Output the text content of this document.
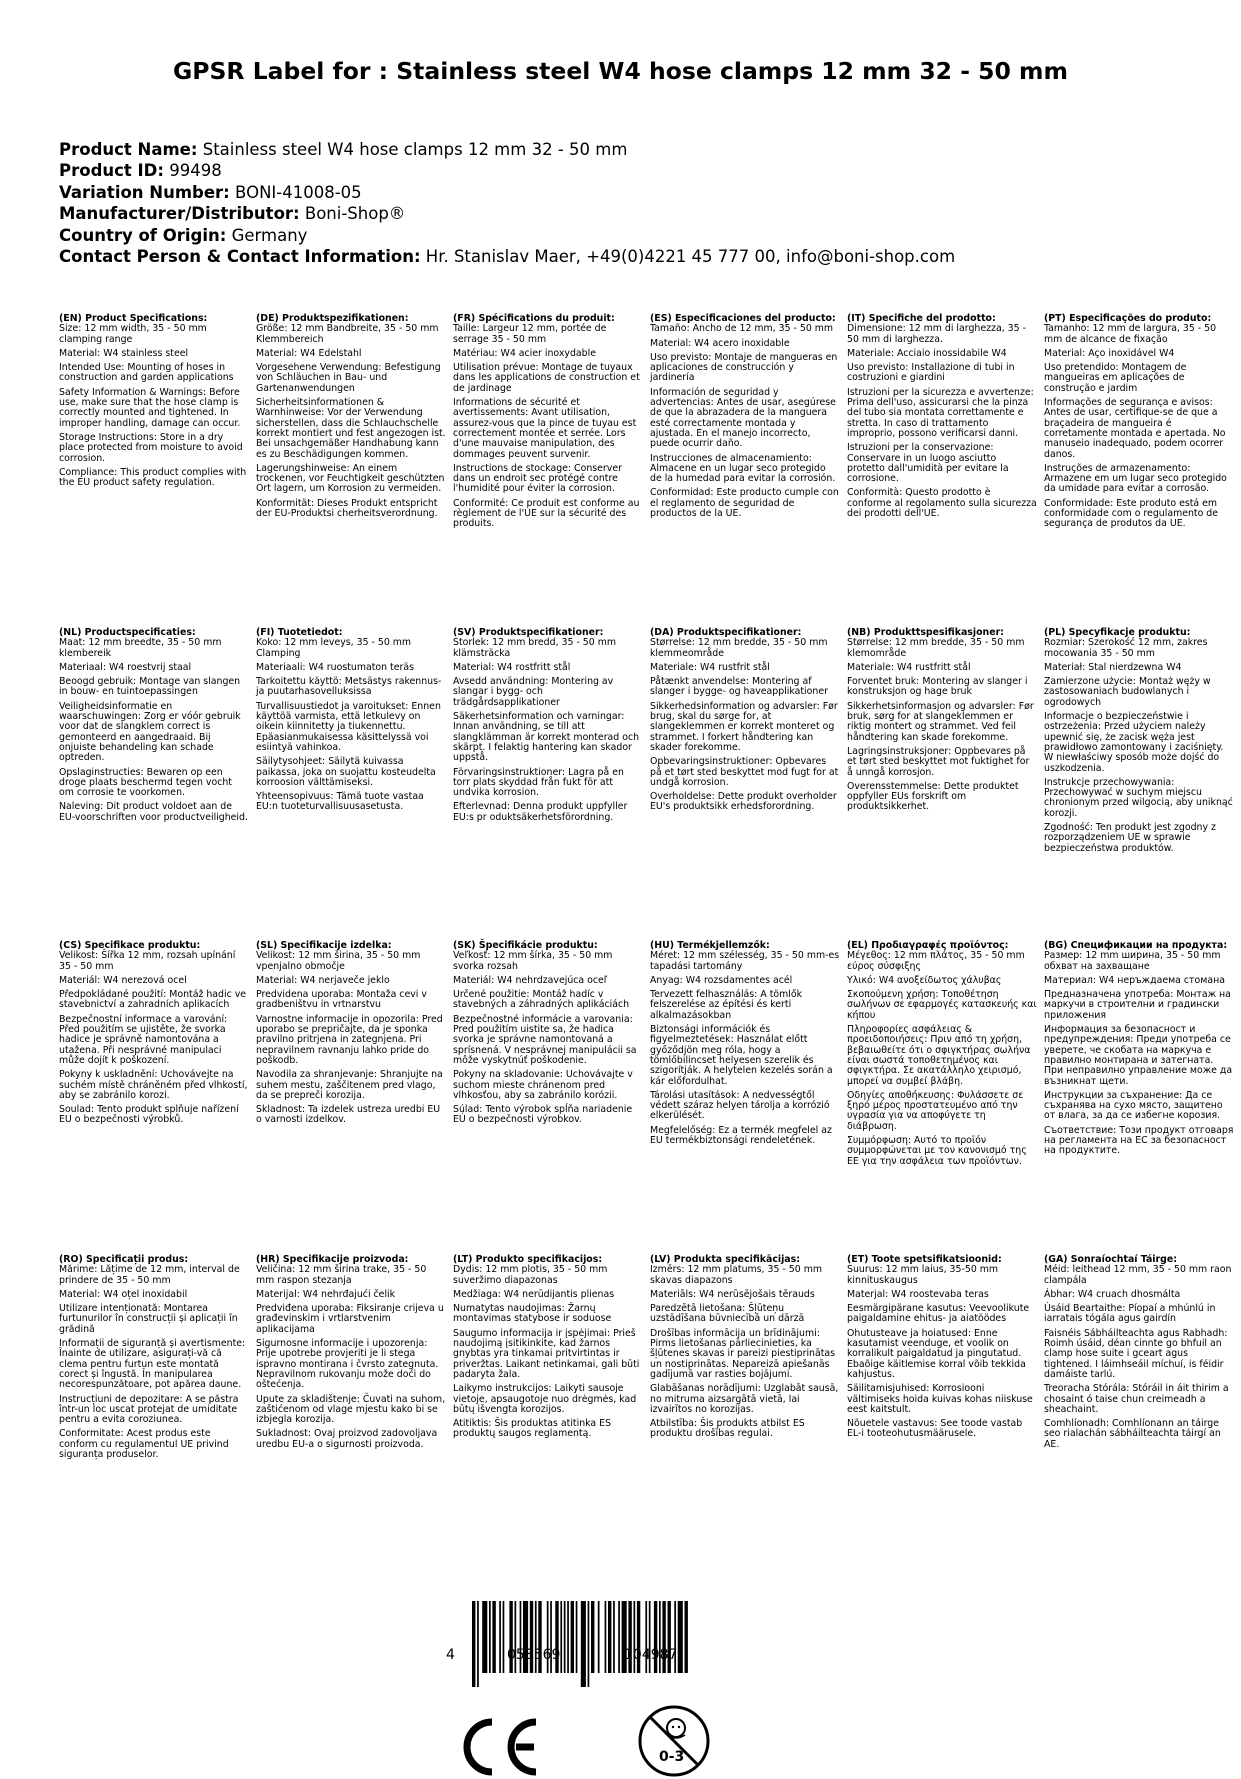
GPSR Label for : Stainless steel W4 hose clamps 12 mm 32 - 50 mm
Product Name: Stainless steel W4 hose clamps 12 mm 32 - 50 mm
Product ID: 99498
Variation Number: BONI-41008-05
Manufacturer/Distributor: Boni-Shop®
Country of Origin: Germany
Contact Person & Contact Information: Hr. Stanislav Maer, +49(0)4221 45 777 00, info@boni-shop.com
(EN) Product Specifications:
Size: 12 mm width, 35 - 50 mm clamping range
Material: W4 stainless steel
Intended Use: Mounting of hoses in construction and garden applications
Safety Information & Warnings: Before use, make sure that the hose clamp is correctly mounted and tightened. In improper handling, damage can occur.
Storage Instructions: Store in a dry place protected from moisture to avoid corrosion.
Compliance: This product complies with the EU product safety regulation.
(DE) Produktspezifikationen:
Größe: 12 mm Bandbreite, 35 - 50 mm Klemmbereich
Material: W4 Edelstahl
Vorgesehene Verwendung: Befestigung von Schläuchen in Bau- und Gartenanwendungen
Sicherheitsinformationen & Warnhinweise: Vor der Verwendung sicherstellen, dass die Schlauchschelle korrekt montiert und fest angezogen ist. Bei unsachgemäßer Handhabung kann es zu Beschädigungen kommen.
Lagerungshinweise: An einem trockenen, vor Feuchtigkeit geschützten Ort lagern, um Korrosion zu vermeiden.
Konformität: Dieses Produkt entspricht der EU-Produktsi cherheitsverordnung.
(FR) Spécifications du produit:
Taille: Largeur 12 mm, portée de serrage 35 - 50 mm
Matériau: W4 acier inoxydable
Utilisation prévue: Montage de tuyaux dans les applications de construction et de jardinage
Informations de sécurité et avertissements: Avant utilisation, assurez-vous que la pince de tuyau est correctement montée et serrée. Lors d'une mauvaise manipulation, des dommages peuvent survenir.
Instructions de stockage: Conserver dans un endroit sec protégé contre l'humidité pour éviter la corrosion.
Conformité: Ce produit est conforme au règlement de l'UE sur la sécurité des produits.
(ES) Especificaciones del producto:
Tamaño: Ancho de 12 mm, 35 - 50 mm
Material: W4 acero inoxidable
Uso previsto: Montaje de mangueras en aplicaciones de construcción y jardinería
Información de seguridad y advertencias: Antes de usar, asegúrese de que la abrazadera de la manguera esté correctamente montada y ajustada. En el manejo incorrecto, puede ocurrir daño.
Instrucciones de almacenamiento: Almacene en un lugar seco protegido de la humedad para evitar la corrosión.
Conformidad: Este producto cumple con el reglamento de seguridad de productos de la UE.
(IT) Specifiche del prodotto:
Dimensione: 12 mm di larghezza, 35 - 50 mm di larghezza.
Materiale: Acciaio inossidabile W4
Uso previsto: Installazione di tubi in costruzioni e giardini
Istruzioni per la sicurezza e avvertenze: Prima dell'uso, assicurarsi che la pinza del tubo sia montata correttamente e stretta. In caso di trattamento improprio, possono verificarsi danni.
Istruzioni per la conservazione: Conservare in un luogo asciutto protetto dall'umidità per evitare la corrosione.
Conformità: Questo prodotto è conforme al regolamento sulla sicurezza dei prodotti dell'UE.
(PT) Especificações do produto:
Tamanho: 12 mm de largura, 35 - 50 mm de alcance de fixação
Material: Aço inoxidável W4
Uso pretendido: Montagem de mangueiras em aplicações de construção e jardim
Informações de segurança e avisos: Antes de usar, certifique-se de que a braçadeira de mangueira é corretamente montada e apertada. No manuseio inadequado, podem ocorrer danos.
Instruções de armazenamento: Armazene em um lugar seco protegido da umidade para evitar a corrosão.
Conformidade: Este produto está em conformidade com o regulamento de segurança de produtos da UE.
(NL) Productspecificaties:
Maat: 12 mm breedte, 35 - 50 mm klembereik
Materiaal: W4 roestvrij staal
Beoogd gebruik: Montage van slangen in bouw- en tuintoepassingen
Veiligheidsinformatie en waarschuwingen: Zorg er vóór gebruik voor dat de slangklem correct is gemonteerd en aangedraaid. Bij onjuiste behandeling kan schade optreden.
Opslaginstructies: Bewaren op een droge plaats beschermd tegen vocht om corrosie te voorkomen.
Naleving: Dit product voldoet aan de EU-voorschriften voor productveiligheid.
(FI) Tuotetiedot:
Koko: 12 mm leveys, 35 - 50 mm Clamping
Materiaali: W4 ruostumaton teräs
Tarkoitettu käyttö: Metsästys rakennus- ja puutarhasovelluksissa
Turvallisuustiedot ja varoitukset: Ennen käyttöä varmista, että letkulevy on oikein kiinnitetty ja tiukennettu. Epäasianmukaisessa käsittelyssä voi esiintyä vahinkoa.
Säilytysohjeet: Säilytä kuivassa paikassa, joka on suojattu kosteudelta korroosion välttämiseksi.
Yhteensopivuus: Tämä tuote vastaa EU:n tuoteturvallisuusasetusta.
(SV) Produktspecifikationer:
Storlek: 12 mm bredd, 35 - 50 mm klämsträcka
Material: W4 rostfritt stål
Avsedd användning: Montering av slangar i bygg- och trädgårdsapplikationer
Säkerhetsinformation och varningar: Innan användning, se till att slangklämman är korrekt monterad och skärpt. I felaktig hantering kan skador uppstå.
Förvaringsinstruktioner: Lagra på en torr plats skyddad från fukt för att undvika korrosion.
Efterlevnad: Denna produkt uppfyller EU:s pr oduktsäkerhetsförordning.
(DA) Produktspecifikationer:
Størrelse: 12 mm bredde, 35 - 50 mm klemmeområde
Materiale: W4 rustfrit stål
Påtænkt anvendelse: Montering af slanger i bygge- og haveapplikationer
Sikkerhedsinformation og advarsler: Før brug, skal du sørge for, at slangeklemmen er korrekt monteret og strammet. I forkert håndtering kan skader forekomme.
Opbevaringsinstruktioner: Opbevares på et tørt sted beskyttet mod fugt for at undgå korrosion.
Overholdelse: Dette produkt overholder EU's produktsikk erhedsforordning.
(NB) Produkttspesifikasjoner:
Størrelse: 12 mm bredde, 35 - 50 mm klemområde
Materiale: W4 rustfritt stål
Forventet bruk: Montering av slanger i konstruksjon og hage bruk
Sikkerhetsinformasjon og advarsler: Før bruk, sørg for at slangeklemmen er riktig montert og strammet. Ved feil håndtering kan skade forekomme.
Lagringsinstruksjoner: Oppbevares på et tørt sted beskyttet mot fuktighet for å unngå korrosjon.
Overensstemmelse: Dette produktet oppfyller EUs forskrift om produktsikkerhet.
(PL) Specyfikacje produktu:
Rozmiar: Szerokość 12 mm, zakres mocowania 35 - 50 mm
Materiał: Stal nierdzewna W4
Zamierzone użycie: Montaż węży w zastosowaniach budowlanych i ogrodowych
Informacje o bezpieczeństwie i ostrzeżenia: Przed użyciem należy upewnić się, że zacisk węża jest prawidłowo zamontowany i zaciśnięty. W niewłaściwy sposób może dojść do uszkodzenia.
Instrukcje przechowywania: Przechowywać w suchym miejscu chronionym przed wilgocią, aby uniknąć korozji.
Zgodność: Ten produkt jest zgodny z rozporządzeniem UE w sprawie bezpieczeństwa produktów.
(CS) Specifikace produktu:
Velikost: Šířka 12 mm, rozsah upínání 35 - 50 mm
Materiál: W4 nerezová ocel
Předpokládané použití: Montáž hadic ve stavebnictví a zahradních aplikacích
Bezpečnostní informace a varování: Před použitím se ujistěte, že svorka hadice je správně namontována a utažena. Při nesprávné manipulaci může dojít k poškození.
Pokyny k uskladnění: Uchovávejte na suchém místě chráněném před vlhkostí, aby se zabránilo korozi.
Soulad: Tento produkt splňuje nařízení EU o bezpečnosti výrobků.
(SL) Specifikacije izdelka:
Velikost: 12 mm širina, 35 - 50 mm vpenjalno območje
Material: W4 nerjaveče jeklo
Predvidena uporaba: Montaža cevi v gradbeništvu in vrtnarstvu
Varnostne informacije in opozorila: Pred uporabo se prepričajte, da je sponka pravilno pritrjena in zategnjena. Pri nepravilnem ravnanju lahko pride do poškodb.
Navodila za shranjevanje: Shranjujte na suhem mestu, zaščitenem pred vlago, da se prepreči korozija.
Skladnost: Ta izdelek ustreza uredbi EU o varnosti izdelkov.
(SK) Špecifikácie produktu:
Veľkosť: 12 mm šírka, 35 - 50 mm svorka rozsah
Materiál: W4 nehrdzavejúca oceľ
Určené použitie: Montáž hadíc v stavebných a záhradných aplikáciách
Bezpečnostné informácie a varovania: Pred použitím uistite sa, že hadica svorka je správne namontovaná a sprísnená. V nesprávnej manipulácii sa môže vyskytnúť poškodenie.
Pokyny na skladovanie: Uchovávajte v suchom mieste chránenom pred vlhkosťou, aby sa zabránilo korózii.
Súlad: Tento výrobok spĺňa nariadenie EÚ o bezpečnosti výrobkov.
(HU) Termékjellemzők:
Méret: 12 mm szélesség, 35 - 50 mm-es tapadási tartomány
Anyag: W4 rozsdamentes acél
Tervezett felhasználás: A tömlők felszerelése az építési és kerti alkalmazásokban
Biztonsági információk és figyelmeztetések: Használat előtt győződjön meg róla, hogy a tömlőbilincset helyesen szerelik és szigorítják. A helytelen kezelés során a kár előfordulhat.
Tárolási utasítások: A nedvességtől védett száraz helyen tárolja a korrózió elkerülését.
Megfelelőség: Ez a termék megfelel az EU termékbiztonsági rendeletének.
(EL) Προδιαγραφές προϊόντος:
Μέγεθος: 12 mm πλάτος, 35 - 50 mm εύρος σύσφιξης
Υλικό: W4 ανοξείδωτος χάλυβας
Σκοπούμενη χρήση: Τοποθέτηση σωλήνων σε εφαρμογές κατασκευής και κήπου
Πληροφορίες ασφάλειας & προειδοποιήσεις: Πριν από τη χρήση, βεβαιωθείτε ότι ο σφιγκτήρας σωλήνα είναι σωστά τοποθετημένος και σφιγκτήρα. Σε ακατάλληλο χειρισμό, μπορεί να συμβεί βλάβη.
Οδηγίες αποθήκευσης: Φυλάσσετε σε ξηρό μέρος προστατευμένο από την υγρασία για να αποφύγετε τη διάβρωση.
Συμμόρφωση: Αυτό το προϊόν συμμορφώνεται με τον κανονισμό της ΕΕ για την ασφάλεια των προϊόντων.
(BG) Спецификации на продукта:
Размер: 12 mm ширина, 35 - 50 mm обхват на захващане
Материал: W4 неръждаема стомана
Предназначена употреба: Монтаж на маркучи в строителни и градински приложения
Информация за безопасност и предупреждения: Преди употреба се уверете, че скобата на маркуча е правилно монтирана и затегната. При неправилно управление може да възникнат щети.
Инструкции за съхранение: Да се съхранява на сухо място, защитено от влага, за да се избегне корозия.
Съответствие: Този продукт отговаря на регламента на ЕС за безопасност на продуктите.
(RO) Specificații produs:
Mărime: Lățime de 12 mm, interval de prindere de 35 - 50 mm
Material: W4 oțel inoxidabil
Utilizare intenționată: Montarea furtunurilor în construcții și aplicații în grădină
Informații de siguranță și avertismente: Înainte de utilizare, asigurați-vă că clema pentru furtun este montată corect și îngustă. În manipularea necorespunzătoare, pot apărea daune.
Instrucțiuni de depozitare: A se păstra într-un loc uscat protejat de umiditate pentru a evita coroziunea.
Conformitate: Acest produs este conform cu regulamentul UE privind siguranța produselor.
(HR) Specifikacije proizvoda:
Veličina: 12 mm širina trake, 35 - 50 mm raspon stezanja
Materijal: W4 nehrđajući čelik
Predviđena uporaba: Fiksiranje crijeva u građevinskim i vrtlarstvenim aplikacijama
Sigurnosne informacije i upozorenja: Prije upotrebe provjeriti je li stega ispravno montirana i čvrsto zategnuta. Nepravilnom rukovanju može doći do oštećenja.
Upute za skladištenje: Čuvati na suhom, zaštićenom od vlage mjestu kako bi se izbjegla korozija.
Sukladnost: Ovaj proizvod zadovoljava uredbu EU-a o sigurnosti proizvoda.
(LT) Produkto specifikacijos:
Dydis: 12 mm plotis, 35 - 50 mm suveržimo diapazonas
Medžiaga: W4 nerūdijantis plienas
Numatytas naudojimas: Žarnų montavimas statybose ir soduose
Saugumo informacija ir įspėjimai: Prieš naudojimą įsitikinkite, kad žarnos gnybtas yra tinkamai pritvirtintas ir priveržtas. Laikant netinkamai, gali būti padaryta žala.
Laikymo instrukcijos: Laikyti sausoje vietoje, apsaugotoje nuo drėgmės, kad būtų išvengta korozijos.
Atitiktis: Šis produktas atitinka ES produktų saugos reglamentą.
(LV) Produkta specifikācijas:
Izmērs: 12 mm platums, 35 - 50 mm skavas diapazons
Materiāls: W4 nerūsējošais tērauds
Paredzētā lietošana: Šļūteņu uzstādīšana būvniecībā un dārzā
Drošības informācija un brīdinājumi: Pirms lietošanas pārliecinieties, ka šļūtenes skavas ir pareizi piestiprinātas un nostiprinātas. Nepareizā apiešanās gadījumā var rasties bojājumi.
Glabāšanas norādījumi: Uzglabāt sausā, no mitruma aizsargātā vietā, lai izvairītos no korozijas.
Atbilstība: Šis produkts atbilst ES produktu drošības regulai.
(ET) Toote spetsifikatsioonid:
Suurus: 12 mm laius, 35-50 mm kinnituskaugus
Materjal: W4 roostevaba teras
Eesmärgipärane kasutus: Veevoolikute paigaldamine ehitus- ja aiatöödes
Ohutusteave ja hoiatused: Enne kasutamist veenduge, et voolik on korralikult paigaldatud ja pingutatud. Ebaõige käitlemise korral võib tekkida kahjustus.
Säilitamisjuhised: Korrosiooni vältimiseks hoida kuivas kohas niiskuse eest kaitstult.
Nõuetele vastavus: See toode vastab EL-i tooteohutusmäärusele.
(GA) Sonraíochtaí Táirge:
Méid: leithead 12 mm, 35 - 50 mm raon clampála
Ábhar: W4 cruach dhosmálta
Úsáid Beartaithe: Píopaí a mhúnlú in iarratais tógála agus gairdín
Faisnéis Sábháilteachta agus Rabhadh: Roimh úsáid, déan cinnte go bhfuil an clamp hose suite i gceart agus tightened. I láimhseáil míchuí, is féidir damáiste tarlú.
Treoracha Stórála: Stóráil in áit thirim a chosaint ó taise chun creimeadh a sheachaint.
Comhlíonadh: Comhlíonann an táirge seo rialachán sábháilteachta táirgí an AE.
4	058569	104987
0-3
